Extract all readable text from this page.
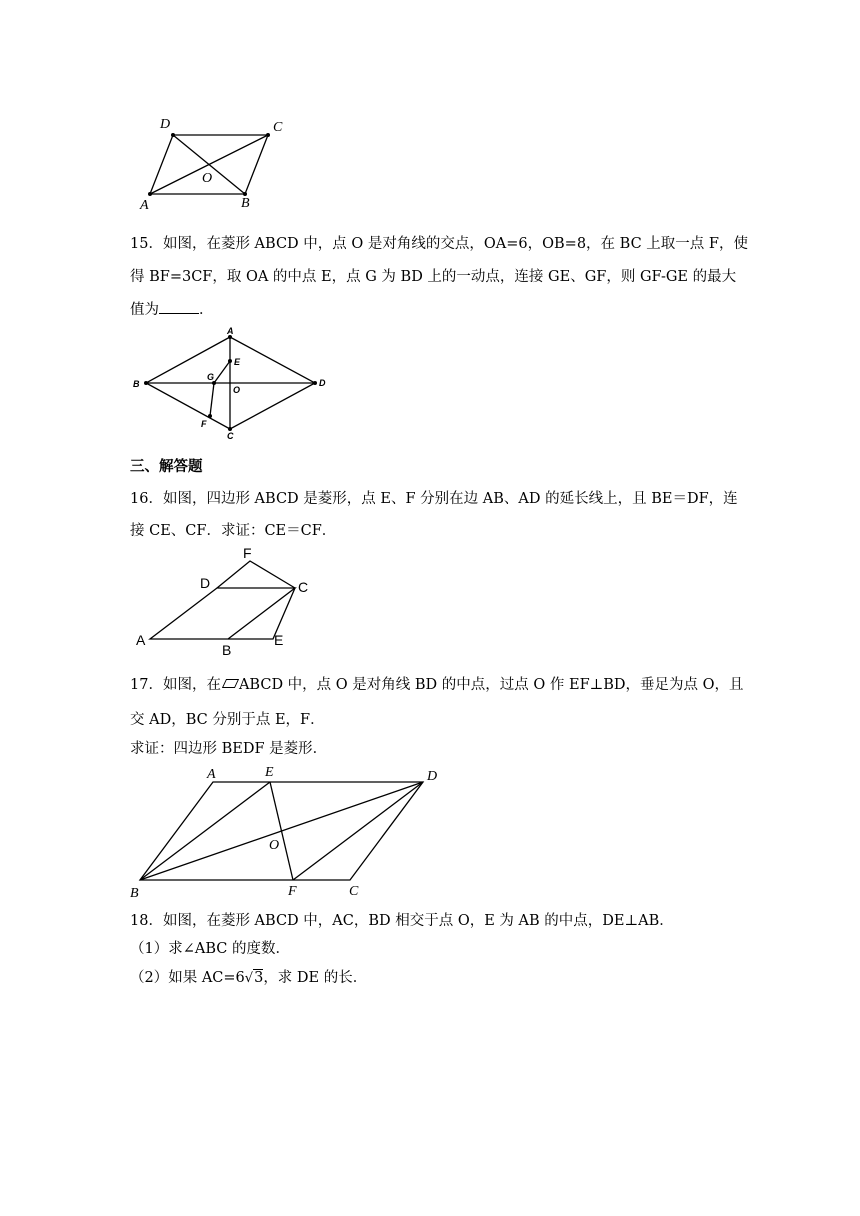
D	C
O
A	B

15．如图，在菱形 ABCD 中，点 O 是对角线的交点，OA=6，OB=8，在 BC 上取一点 F，使

得 BF=3CF，取 OA 的中点 E，点 G 为 BD 上的一动点，连接 GE、GF，则 GF-GE 的最大

值为	．

A
E
B
G
O
D
F
C

三、解答题

16．如图，四边形 ABCD 是菱形，点 E、F 分别在边 AB、AD 的延长线上，且 BE＝DF，连

接 CE、CF．求证：CE＝CF．

F
D	C
A
B
E

17．如图，在 ABCD 中，点 O 是对角线 BD 的中点，过点 O 作 EF⊥BD，垂足为点 O，且

交 AD，BC 分别于点 E，F．

求证：四边形 BEDF 是菱形．

A	E	D
O
B	F	C

18．如图，在菱形 ABCD 中，AC，BD 相交于点 O，E 为 AB 的中点，DE⊥AB．

（1）求∠ABC 的度数．

（2）如果 AC=6√3，求 DE 的长．
